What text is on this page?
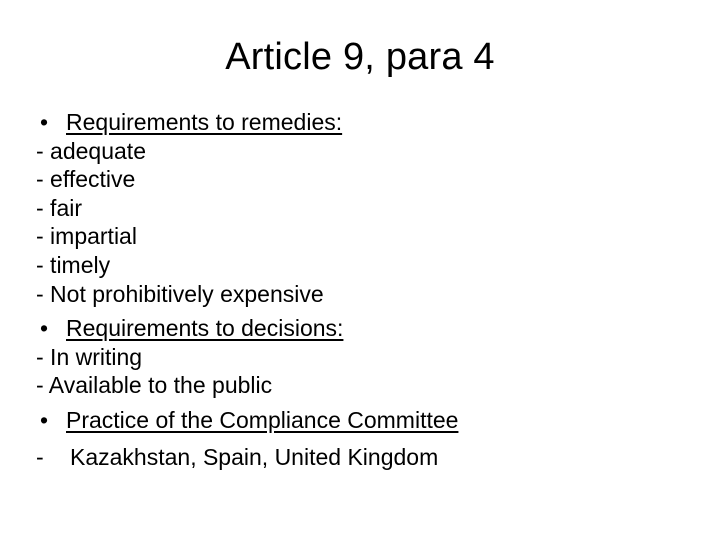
Article 9, para 4
• Requirements to remedies:
- adequate
- effective
- fair
- impartial
- timely
- Not prohibitively expensive
• Requirements to decisions:
- In writing
- Available to the public
• Practice of the Compliance Committee
- Kazakhstan, Spain, United Kingdom
